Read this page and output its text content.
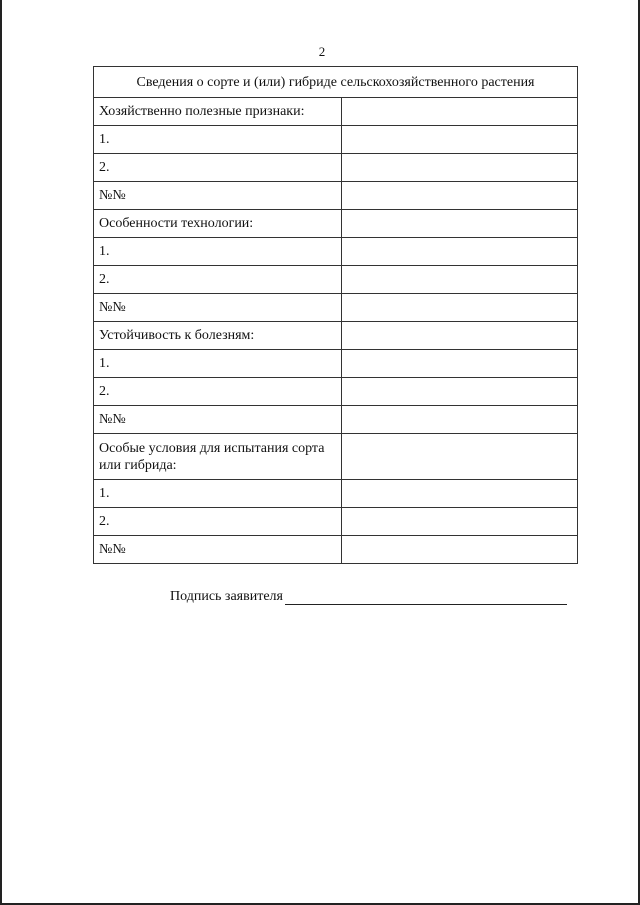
2
Сведения о сорте и (или) гибриде сельскохозяйственного растения	
Хозяйственно полезные признаки:	
1.	
2.	
№№	
Особенности технологии:	
1.	
2.	
№№	
Устойчивость к болезням:	
1.	
2.	
№№	
Особые условия для испытания сорта или гибрида:	
1.	
2.	
№№	
Подпись заявителя
